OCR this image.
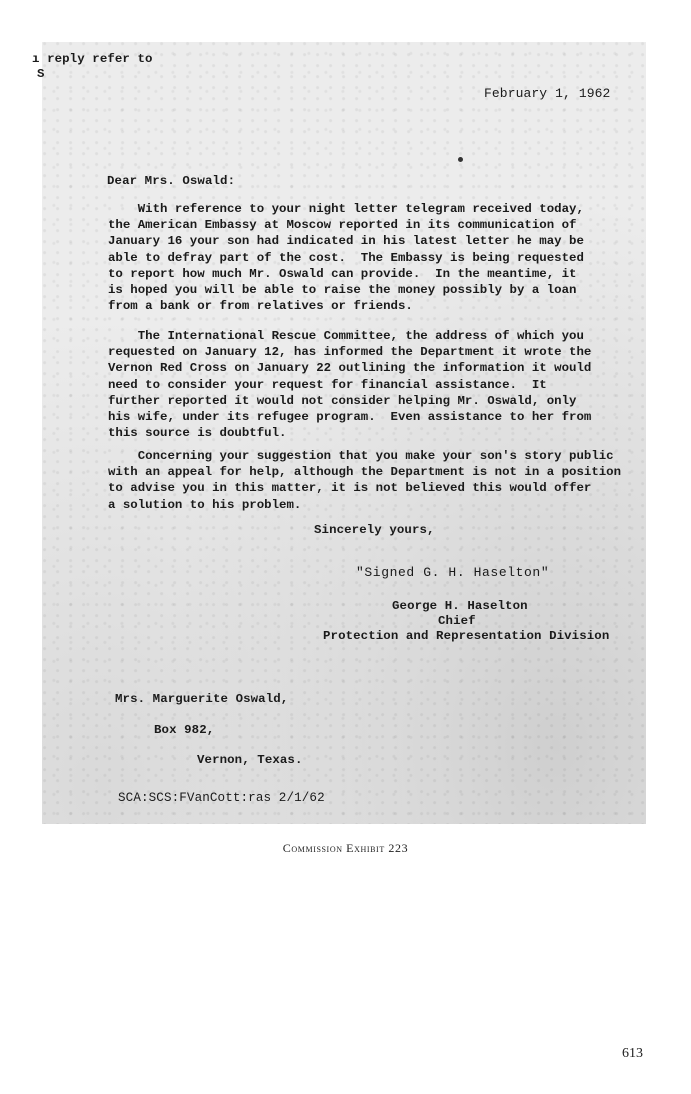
ı reply refer to
S
February 1, 1962
Dear Mrs. Oswald:
With reference to your night letter telegram received today,
the American Embassy at Moscow reported in its communication of
January 16 your son had indicated in his latest letter he may be
able to defray part of the cost.  The Embassy is being requested
to report how much Mr. Oswald can provide.  In the meantime, it
is hoped you will be able to raise the money possibly by a loan
from a bank or from relatives or friends.
The International Rescue Committee, the address of which you
requested on January 12, has informed the Department it wrote the
Vernon Red Cross on January 22 outlining the information it would
need to consider your request for financial assistance.  It
further reported it would not consider helping Mr. Oswald, only
his wife, under its refugee program.  Even assistance to her from
this source is doubtful.
Concerning your suggestion that you make your son's story public
with an appeal for help, although the Department is not in a position
to advise you in this matter, it is not believed this would offer
a solution to his problem.
Sincerely yours,
"Signed G. H. Haselton"
George H. Haselton
Chief
Protection and Representation Division
Mrs. Marguerite Oswald,
Box 982,
Vernon, Texas.
SCA:SCS:FVanCott:ras 2/1/62
Commission Exhibit 223
613
